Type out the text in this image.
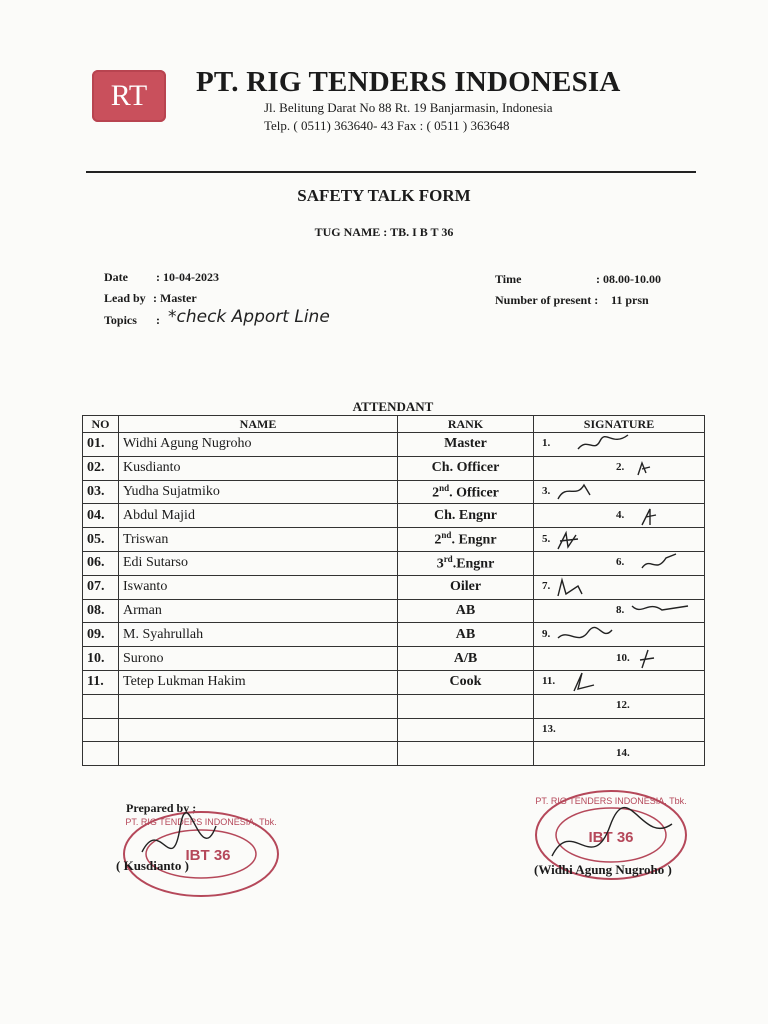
RT	PT. RIG TENDERS INDONESIA
Jl. Belitung Darat No 88 Rt. 19 Banjarmasin, Indonesia
Telp. ( 0511) 363640- 43 Fax : ( 0511 ) 363648
SAFETY TALK FORM
TUG NAME : TB. I B T 36
Date : 10-04-2023
Lead by : Master
Topics : *check Apport Line
Time	: 08.00-10.00
Number of present : 11 prsn
ATTENDANT
NO	NAME	RANK	SIGNATURE
01.	Widhi Agung Nugroho	Master	1.

02.	Kusdianto	Ch. Officer	2.

03.	Yudha Sujatmiko	2nd. Officer	3.

04.	Abdul Majid	Ch. Engnr	4.

05.	Triswan	2nd. Engnr	5.

06.	Edi Sutarso	3rd.Engnr	6.

07.	Iswanto	Oiler	7.

08.	Arman	AB	8.

09.	M. Syahrullah	AB	9.

10.	Surono	A/B	10.

11.	Tetep Lukman Hakim	Cook	11.

			12.

			13.

			14.
Prepared by ;
PT. RIG TENDERS INDONESIA, Tbk.
IBT 36
( Kusdianto )
PT. RIG TENDERS INDONESIA, Tbk.
IBT 36
(Widhi Agung Nugroho )
